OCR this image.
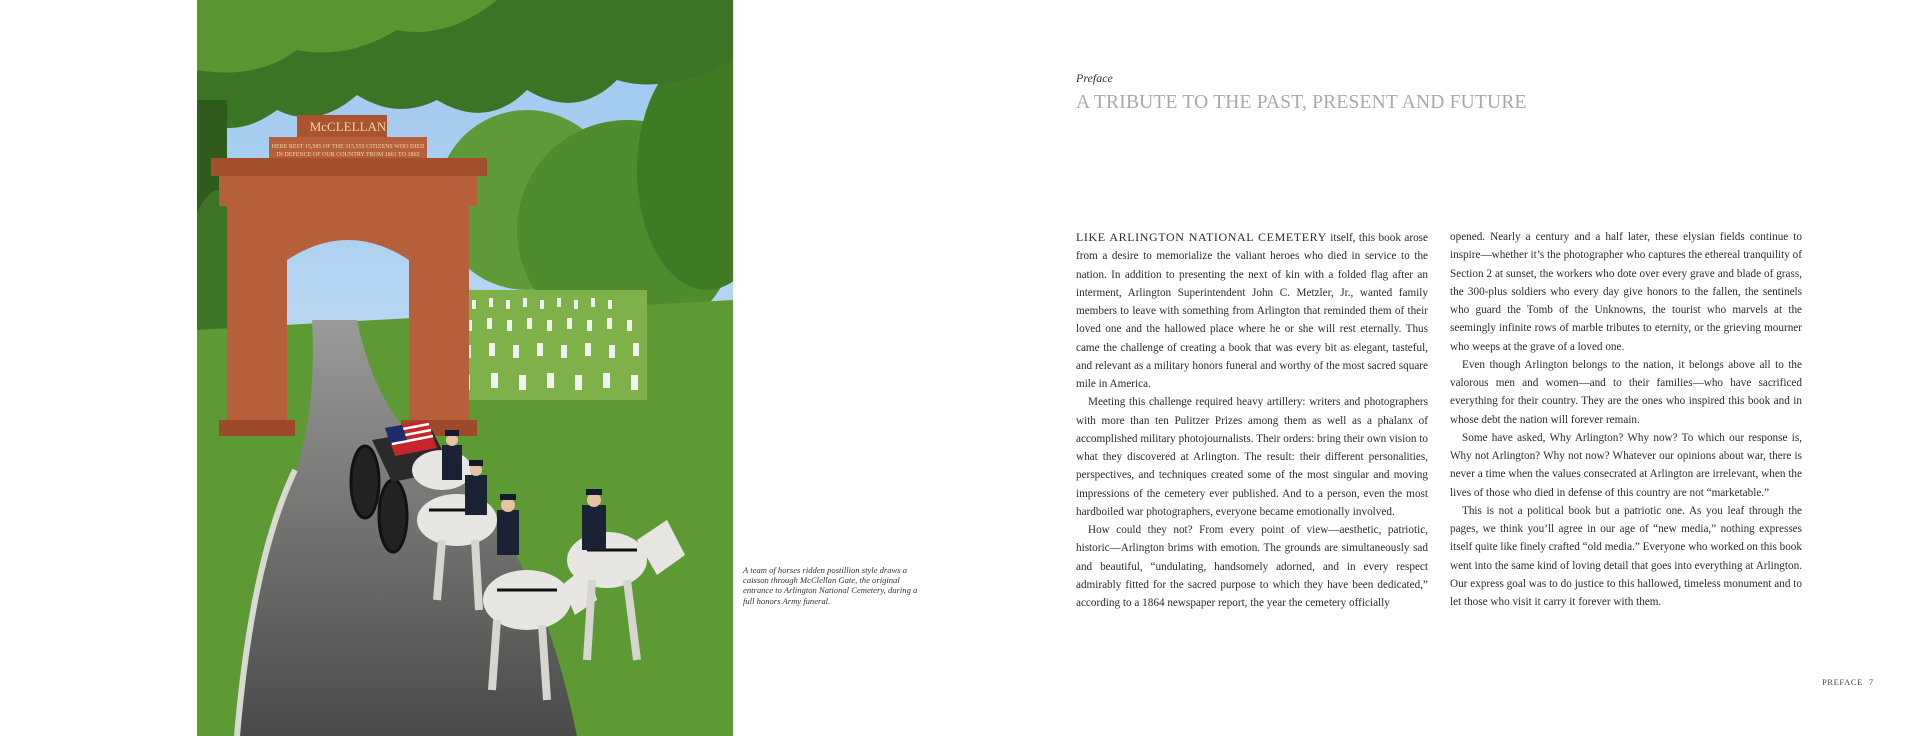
McCLELLAN
HERE REST 15,585 OF THE 315,555 CITIZENS WHO DIED
IN DEFENCE OF OUR COUNTRY FROM 1861 TO 1865
A team of horses ridden postillion style draws a caisson through McClellan Gate, the original entrance to Arlington National Cemetery, during a full honors Army funeral.
Preface
A TRIBUTE TO THE PAST, PRESENT AND FUTURE

LIKE ARLINGTON NATIONAL CEMETERY itself, this book arose from a desire to memorialize the valiant heroes who died in service to the nation. In addition to presenting the next of kin with a folded flag after an interment, Arlington Superintendent John C. Metzler, Jr., wanted family members to leave with something from Arlington that reminded them of their loved one and the hallowed place where he or she will rest eternally. Thus came the challenge of creating a book that was every bit as elegant, tasteful, and relevant as a military honors funeral and worthy of the most sacred square mile in America.

Meeting this challenge required heavy artillery: writers and photographers with more than ten Pulitzer Prizes among them as well as a phalanx of accomplished military photojournalists. Their orders: bring their own vision to what they discovered at Arlington. The result: their different personalities, perspectives, and techniques created some of the most singular and moving impressions of the cemetery ever published. And to a person, even the most hardboiled war photographers, everyone became emotionally involved.

How could they not? From every point of view—aesthetic, patriotic, historic—Arlington brims with emotion. The grounds are simultaneously sad and beautiful, “undulating, handsomely adorned, and in every respect admirably fitted for the sacred purpose to which they have been dedicated,” according to a 1864 newspaper report, the year the cemetery officially

opened. Nearly a century and a half later, these elysian fields continue to inspire—whether it’s the photographer who captures the ethereal tranquility of Section 2 at sunset, the workers who dote over every grave and blade of grass, the 300-plus soldiers who every day give honors to the fallen, the sentinels who guard the Tomb of the Unknowns, the tourist who marvels at the seemingly infinite rows of marble tributes to eternity, or the grieving mourner who weeps at the grave of a loved one.

Even though Arlington belongs to the nation, it belongs above all to the valorous men and women—and to their families—who have sacrificed everything for their country. They are the ones who inspired this book and in whose debt the nation will forever remain.

Some have asked, Why Arlington? Why now? To which our response is, Why not Arlington? Why not now? Whatever our opinions about war, there is never a time when the values consecrated at Arlington are irrelevant, when the lives of those who died in defense of this country are not “marketable.”

This is not a political book but a patriotic one. As you leaf through the pages, we think you’ll agree in our age of “new media,” nothing expresses itself quite like finely crafted “old media.” Everyone who worked on this book went into the same kind of loving detail that goes into everything at Arlington. Our express goal was to do justice to this hallowed, timeless monument and to let those who visit it carry it forever with them.

PREFACE 7
